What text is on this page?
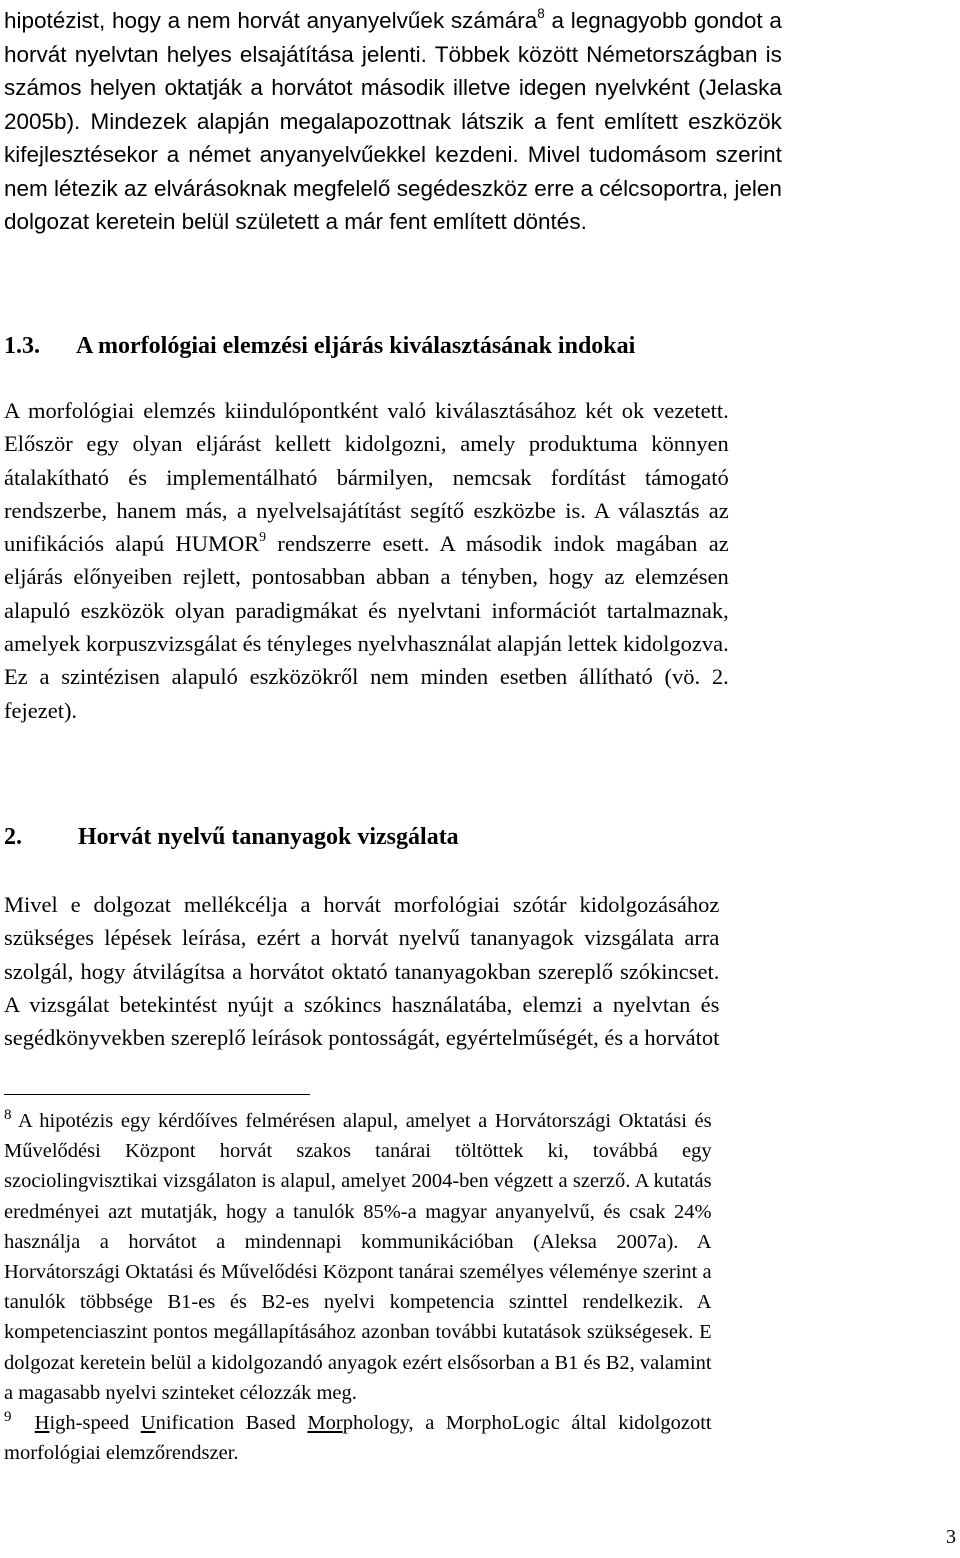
hipotézist, hogy a nem horvát anyanyelvűek számára$^8$ a legnagyobb gondot a
horvát nyelvtan helyes elsajátítása jelenti. Többek között Németországban is
számos helyen oktatják a horvátot második illetve idegen nyelvként (Jelaska
2005b). Mindezek alapján megalapozottnak látszik a fent említett eszközök
kifejlesztésekor a német anyanyelvűekkel kezdeni. Mivel tudomásom szerint
nem létezik az elvárásoknak megfelelő segédeszköz erre a célcsoportra, jelen
dolgozat keretein belül született a már fent említett döntés.
1.3. A morfológiai elemzési eljárás kiválasztásának indokai
A morfológiai elemzés kiindulópontként való kiválasztásához két ok vezetett.
Először egy olyan eljárást kellett kidolgozni, amely produktuma könnyen
átalakítható és implementálható bármilyen, nemcsak fordítást támogató
rendszerbe, hanem más, a nyelvelsajátítást segítő eszközbe is. A választás az
unifikációs alapú HUMOR$^9$ rendszerre esett. A második indok magában az
eljárás előnyeiben rejlett, pontosabban abban a tényben, hogy az elemzésen
alapuló eszközök olyan paradigmákat és nyelvtani információt tartalmaznak,
amelyek korpuszvizsgálat és tényleges nyelvhasználat alapján lettek kidolgozva.
Ez a szintézisen alapuló eszközökről nem minden esetben állítható (vö. 2.
fejezet).
2. Horvát nyelvű tananyagok vizsgálata
Mivel e dolgozat mellékcélja a horvát morfológiai szótár kidolgozásához
szükséges lépések leírása, ezért a horvát nyelvű tananyagok vizsgálata arra
szolgál, hogy átvilágítsa a horvátot oktató tananyagokban szereplő szókincset.
A vizsgálat betekintést nyújt a szókincs használatába, elemzi a nyelvtan és
segédkönyvekben szereplő leírások pontosságát, egyértelműségét, és a horvátot
$^8$ A hipotézis egy kérdőíves felmérésen alapul, amelyet a Horvátországi Oktatási és
Művelődési Központ horvát szakos tanárai töltöttek ki, továbbá egy
szociolingvisztikai vizsgálaton is alapul, amelyet 2004-ben végzett a szerző. A kutatás
eredményei azt mutatják, hogy a tanulók 85%-a magyar anyanyelvű, és csak 24%
használja a horvátot a mindennapi kommunikációban (Aleksa 2007a). A
Horvátországi Oktatási és Művelődési Központ tanárai személyes véleménye szerint a
tanulók többsége B1-es és B2-es nyelvi kompetencia szinttel rendelkezik. A
kompetenciaszint pontos megállapításához azonban további kutatások szükségesek. E
dolgozat keretein belül a kidolgozandó anyagok ezért elsősorban a B1 és B2, valamint
a magasabb nyelvi szinteket célozzák meg.
$^9$ High-speed Unification Based Morphology, a MorphoLogic által kidolgozott
morfológiai elemzőrendszer.
3
